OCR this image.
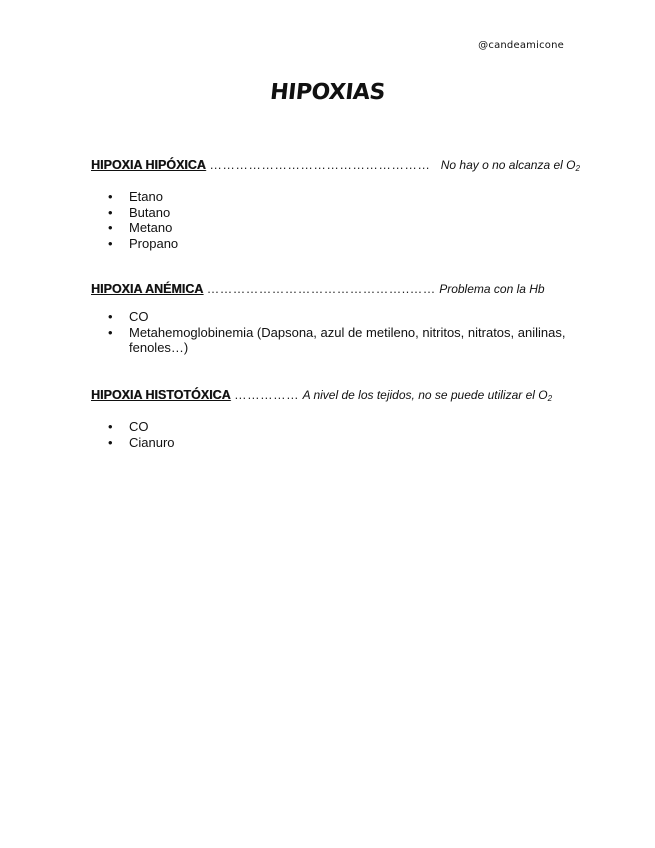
@candeamicone
HIPOXIAS
HIPOXIA HIPÓXICA …………………………………………… No hay o no alcanza el $O_2$
• Etano
• Butano
• Metano
• Propano
HIPOXIA ANÉMICA ………………………………………..…… Problema con la Hb
• CO
• Metahemoglobinemia (Dapsona, azul de metileno, nitritos, nitratos, anilinas, fenoles…)
HIPOXIA HISTOTÓXICA …………… A nivel de los tejidos, no se puede utilizar el $O_2$
• CO
• Cianuro
